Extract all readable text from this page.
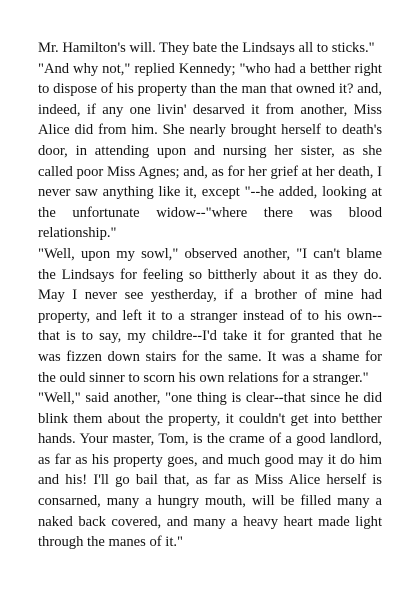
Mr. Hamilton's will. They bate the Lindsays all to sticks."

"And why not," replied Kennedy; "who had a betther right to dispose of his property than the man that owned it? and, indeed, if any one livin' desarved it from another, Miss Alice did from him. She nearly brought herself to death's door, in attending upon and nursing her sister, as she called poor Miss Agnes; and, as for her grief at her death, I never saw anything like it, except "--he added, looking at the unfortunate widow--"where there was blood relationship."

"Well, upon my sowl," observed another, "I can't blame the Lindsays for feeling so bittherly about it as they do. May I never see yestherday, if a brother of mine had property, and left it to a stranger instead of to his own--that is to say, my childre--I'd take it for granted that he was fizzen down stairs for the same. It was a shame for the ould sinner to scorn his own relations for a stranger."

"Well," said another, "one thing is clear--that since he did blink them about the property, it couldn't get into betther hands. Your master, Tom, is the crame of a good landlord, as far as his property goes, and much good may it do him and his! I'll go bail that, as far as Miss Alice herself is consarned, many a hungry mouth, will be filled many a naked back covered, and many a heavy heart made light through the manes of it."
